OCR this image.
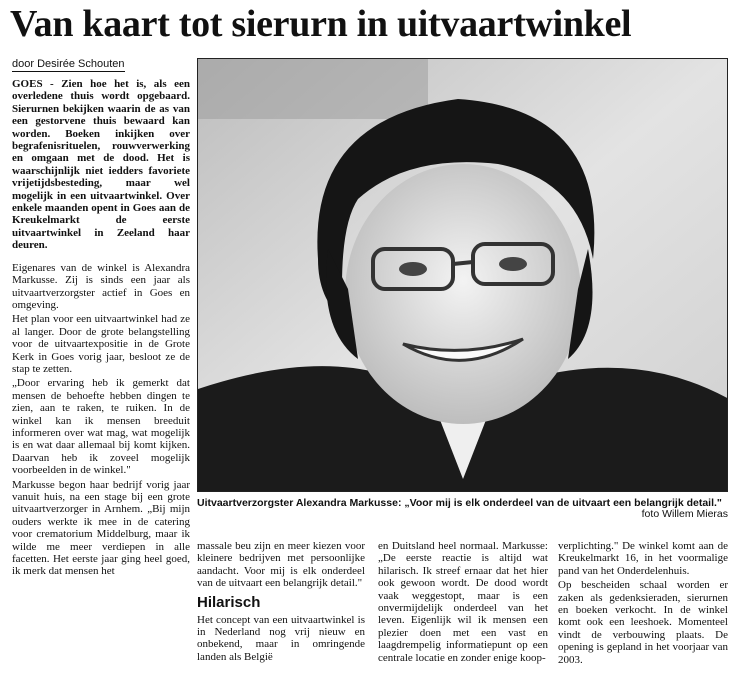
Van kaart tot sierurn in uitvaartwinkel
door Desirée Schouten

GOES - Zien hoe het is, als een overledene thuis wordt opgebaard. Sierurnen bekijken waarin de as van een gestorvene thuis bewaard kan worden. Boeken inkijken over begrafenisrituelen, rouwverwerking en omgaan met de dood. Het is waarschijnlijk niet iedders favoriete vrijetijdsbesteding, maar wel mogelijk in een uitvaartwinkel. Over enkele maanden opent in Goes aan de Kreukelmarkt de eerste uitvaartwinkel in Zeeland haar deuren.

Eigenares van de winkel is Alexandra Markusse. Zij is sinds een jaar als uitvaartverzorgster actief in Goes en omgeving.

Het plan voor een uitvaartwinkel had ze al langer. Door de grote belangstelling voor de uitvaartexpositie in de Grote Kerk in Goes vorig jaar, besloot ze de stap te zetten.

„Door ervaring heb ik gemerkt dat mensen de behoefte hebben dingen te zien, aan te raken, te ruiken. In de winkel kan ik mensen breeduit informeren over wat mag, wat mogelijk is en wat daar allemaal bij komt kijken. Daarvan heb ik zoveel mogelijk voorbeelden in de winkel."

Markusse begon haar bedrijf vorig jaar vanuit huis, na een stage bij een grote uitvaartverzorger in Arnhem. „Bij mijn ouders werkte ik mee in de catering voor crematorium Middelburg, maar ik wilde me meer verdiepen in alle facetten. Het eerste jaar ging heel goed, ik merk dat mensen het

Uitvaartverzorgster Alexandra Markusse: „Voor mij is elk onderdeel van de uitvaart een belangrijk detail."
foto Willem Mieras

massale beu zijn en meer kiezen voor kleinere bedrijven met persoonlijke aandacht. Voor mij is elk onderdeel van de uitvaart een belangrijk detail."

Hilarisch

Het concept van een uitvaartwinkel is in Nederland nog vrij nieuw en onbekend, maar in omringende landen als België

en Duitsland heel normaal. Markusse: „De eerste reactie is altijd wat hilarisch. Ik streef ernaar dat het hier ook gewoon wordt. De dood wordt vaak weggestopt, maar is een onvermijdelijk onderdeel van het leven. Eigenlijk wil ik mensen een plezier doen met een vast en laagdrempelig informatiepunt op een centrale locatie en zonder enige koop-

verplichting." De winkel komt aan de Kreukelmarkt 16, in het voormalige pand van het Onderdelenhuis.

Op bescheiden schaal worden er zaken als gedenksieraden, sierurnen en boeken verkocht. In de winkel komt ook een leeshoek. Momenteel vindt de verbouwing plaats. De opening is gepland in het voorjaar van 2003.
